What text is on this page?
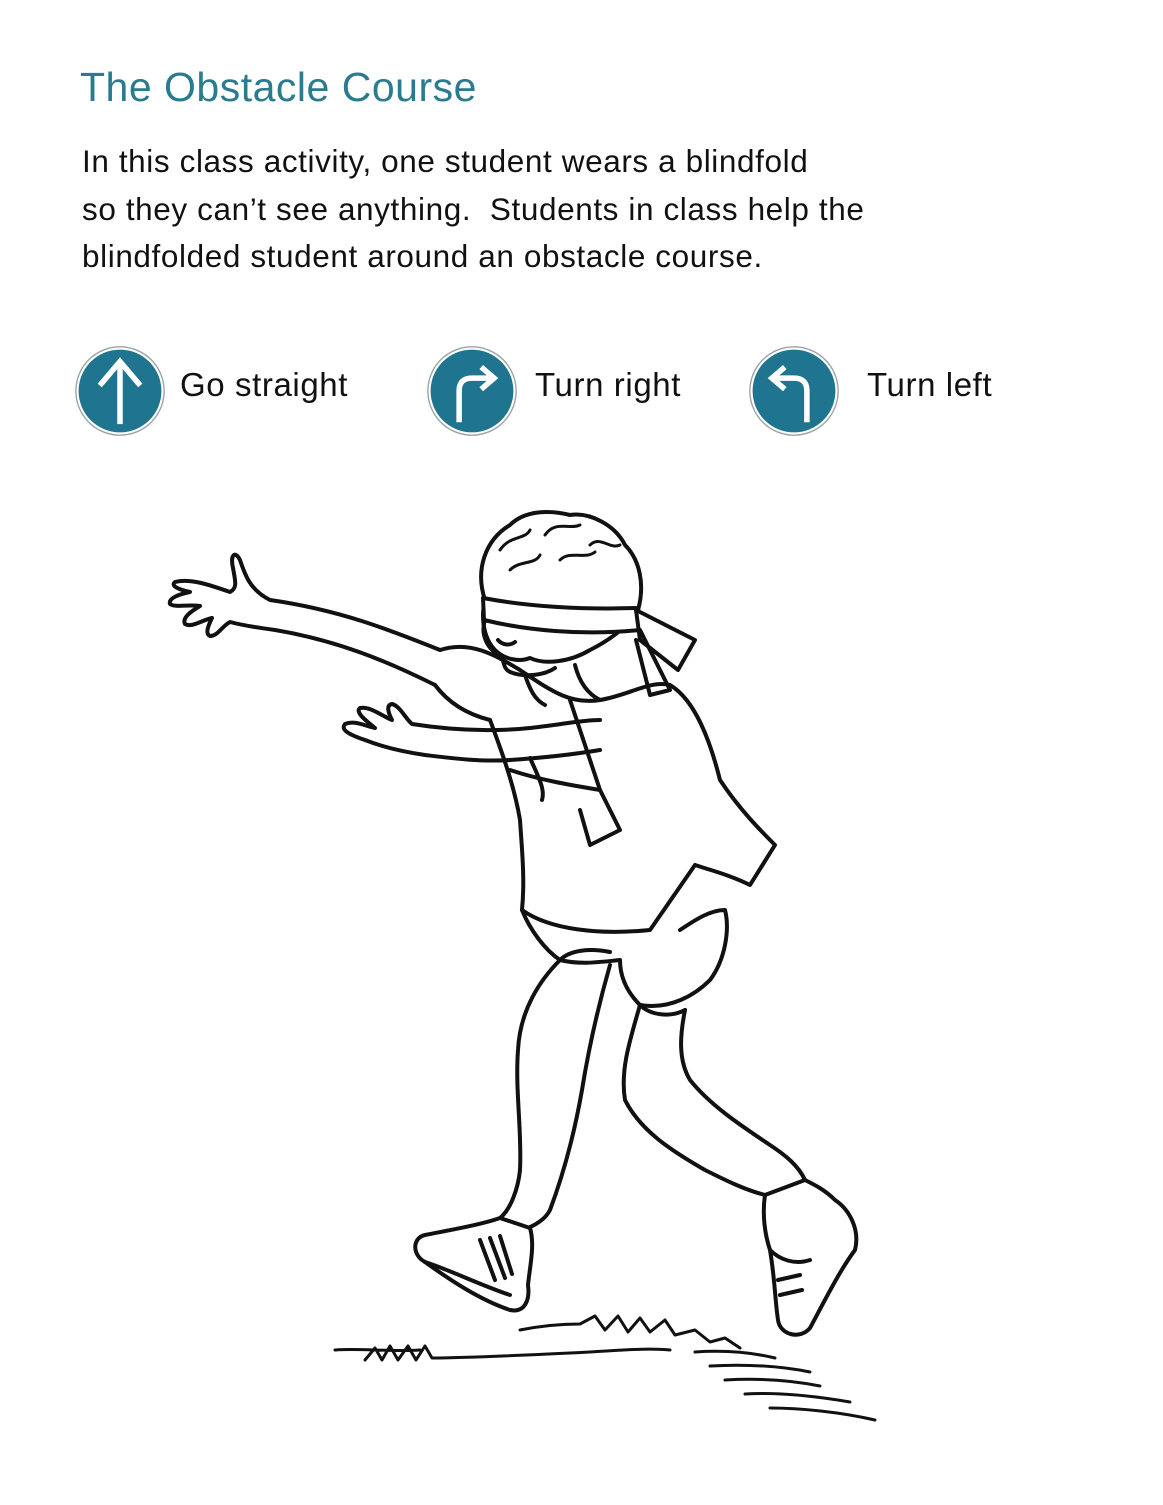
The Obstacle Course

In this class activity, one student wears a blindfold
so they can’t see anything.  Students in class help the
blindfolded student around an obstacle course.

Go straight	Turn right	Turn left
